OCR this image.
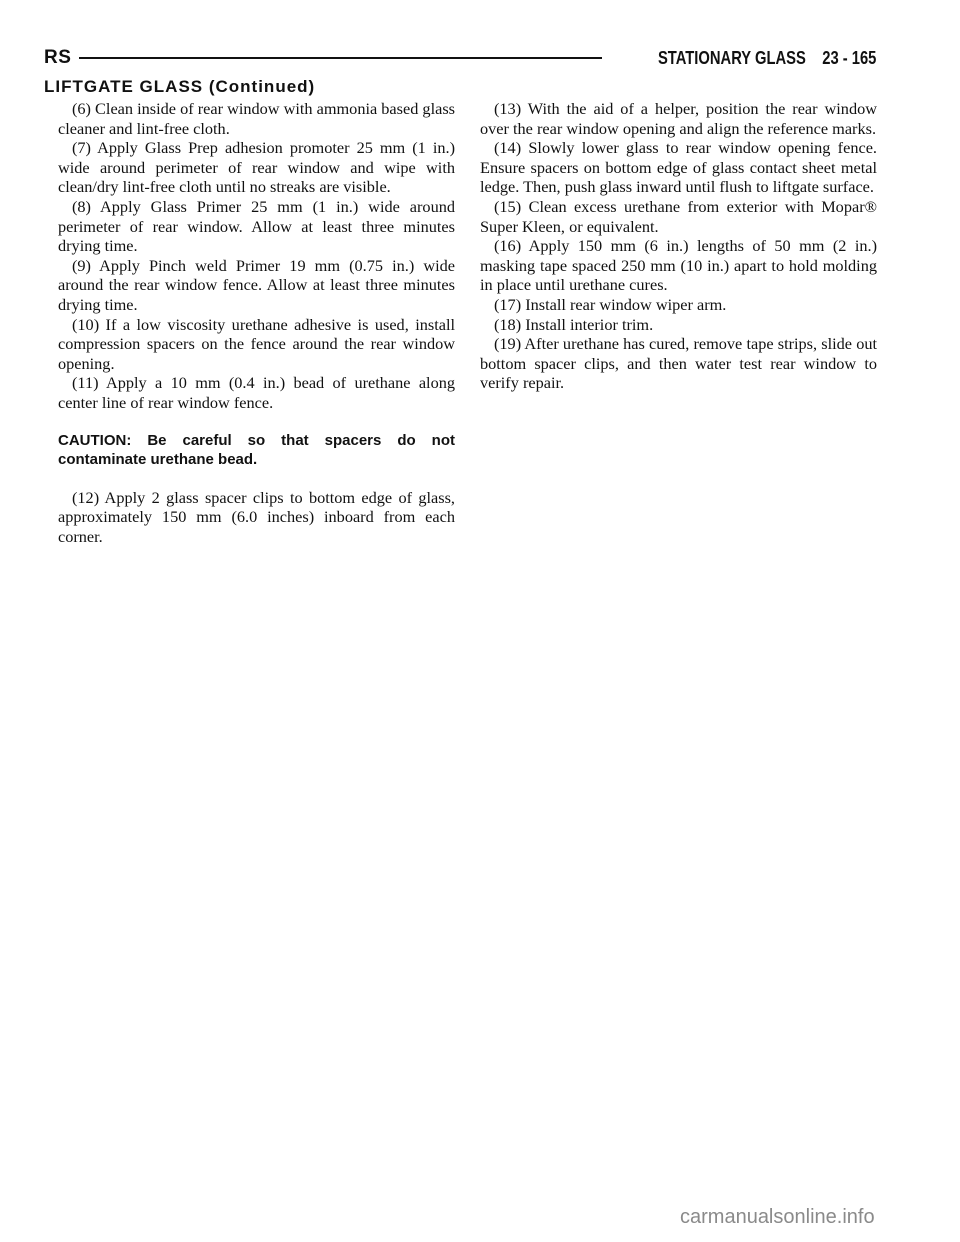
RS	STATIONARY GLASS 23 - 165
LIFTGATE GLASS (Continued)

(6) Clean inside of rear window with ammonia based glass cleaner and lint-free cloth.

(7) Apply Glass Prep adhesion promoter 25 mm (1 in.) wide around perimeter of rear window and wipe with clean/dry lint-free cloth until no streaks are visible.

(8) Apply Glass Primer 25 mm (1 in.) wide around perimeter of rear window. Allow at least three minutes drying time.

(9) Apply Pinch weld Primer 19 mm (0.75 in.) wide around the rear window fence. Allow at least three minutes drying time.

(10) If a low viscosity urethane adhesive is used, install compression spacers on the fence around the rear window opening.

(11) Apply a 10 mm (0.4 in.) bead of urethane along center line of rear window fence.

CAUTION: Be careful so that spacers do not contaminate urethane bead.

(12) Apply 2 glass spacer clips to bottom edge of glass, approximately 150 mm (6.0 inches) inboard from each corner.

(13) With the aid of a helper, position the rear window over the rear window opening and align the reference marks.

(14) Slowly lower glass to rear window opening fence. Ensure spacers on bottom edge of glass contact sheet metal ledge. Then, push glass inward until flush to liftgate surface.

(15) Clean excess urethane from exterior with Mopar® Super Kleen, or equivalent.

(16) Apply 150 mm (6 in.) lengths of 50 mm (2 in.) masking tape spaced 250 mm (10 in.) apart to hold molding in place until urethane cures.

(17) Install rear window wiper arm.

(18) Install interior trim.

(19) After urethane has cured, remove tape strips, slide out bottom spacer clips, and then water test rear window to verify repair.

carmanualsonline.info
